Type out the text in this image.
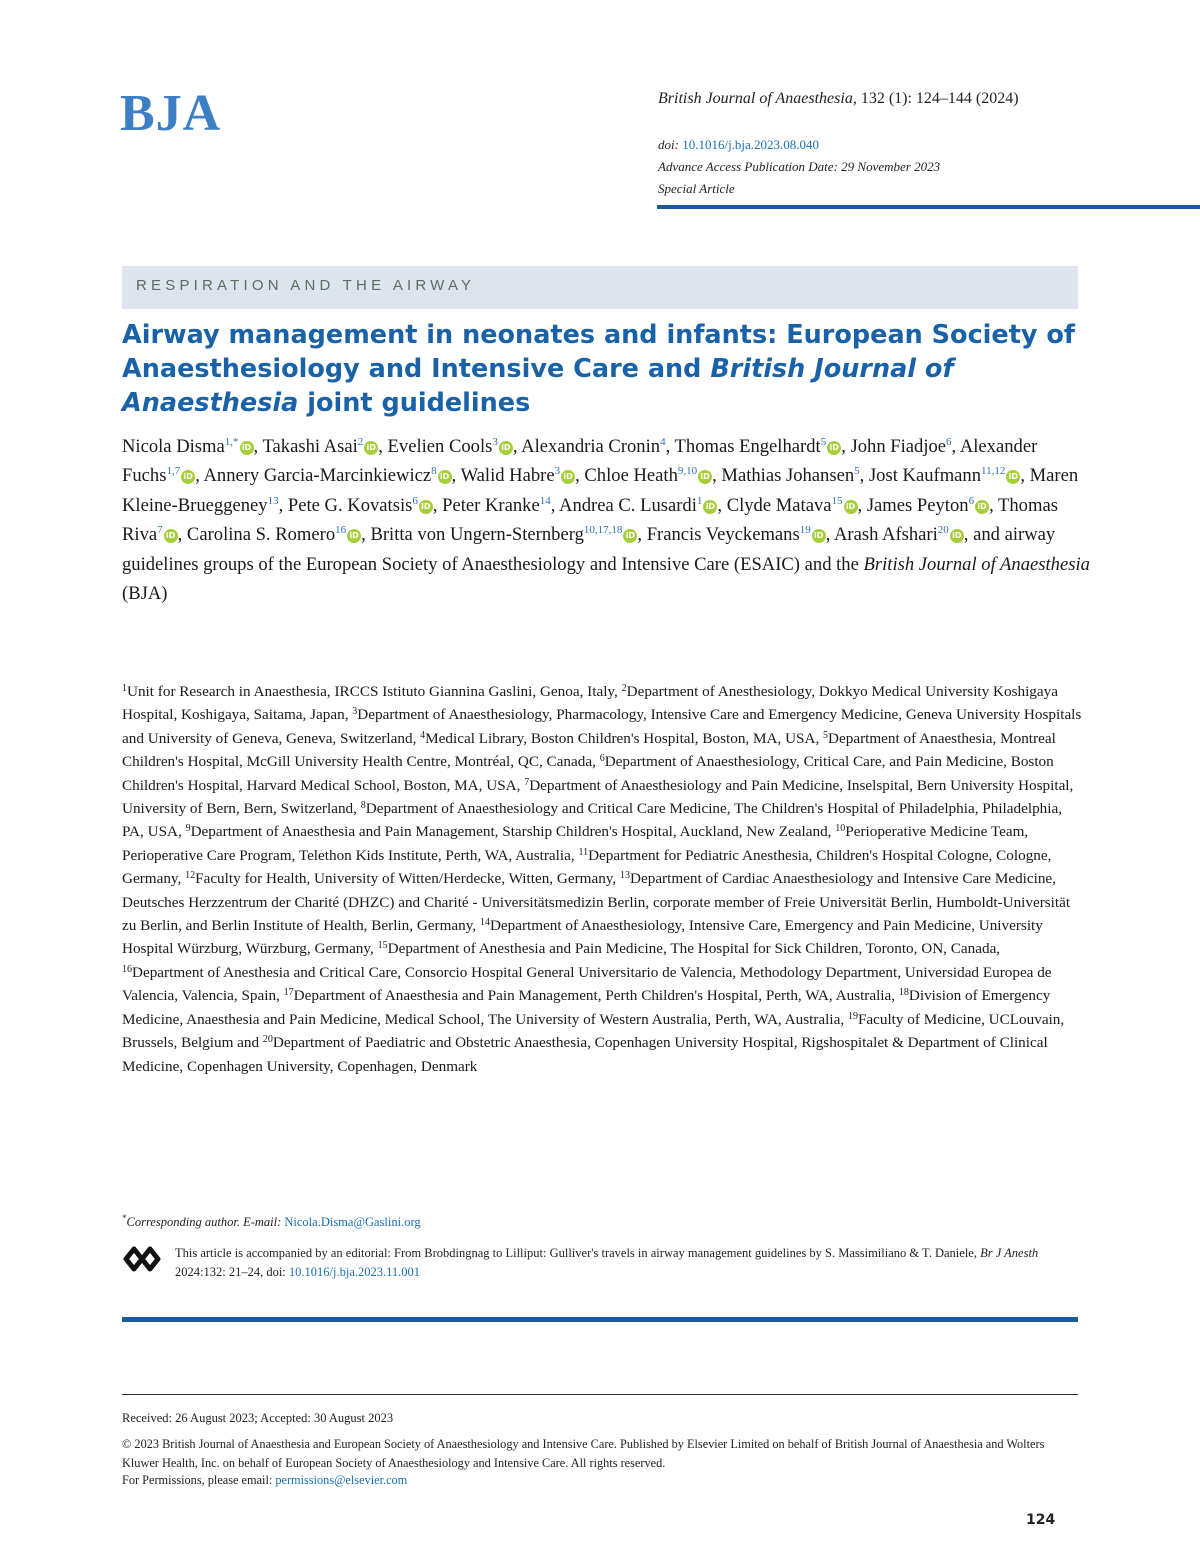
BJA	British Journal of Anaesthesia, 132 (1): 124–144 (2024)
doi: 10.1016/j.bja.2023.08.040
Advance Access Publication Date: 29 November 2023
Special Article
RESPIRATION AND THE AIRWAY
Airway management in neonates and infants: European Society of Anaesthesiology and Intensive Care and British Journal of Anaesthesia joint guidelines
Nicola Disma$^{1,*}$ iD , Takashi Asai$^2$ iD , Evelien Cools$^3$ iD , Alexandria Cronin$^4$, Thomas Engelhardt$^5$ iD , John Fiadjoe$^6$, Alexander Fuchs$^{1,7}$ iD , Annery Garcia-Marcinkiewicz$^8$ iD , Walid Habre$^3$ iD , Chloe Heath$^{9,10}$ iD , Mathias Johansen$^5$, Jost Kaufmann$^{11,12}$ iD , Maren Kleine-Brueggeney$^{13}$, Pete G. Kovatsis$^6$ iD , Peter Kranke$^{14}$, Andrea C. Lusardi$^1$ iD , Clyde Matava$^{15}$ iD , James Peyton$^6$ iD , Thomas Riva$^7$ iD , Carolina S. Romero$^{16}$ iD , Britta von Ungern-Sternberg$^{10,17,18}$ iD , Francis Veyckemans$^{19}$ iD , Arash Afshari$^{20}$ iD , and airway guidelines groups of the European Society of Anaesthesiology and Intensive Care (ESAIC) and the British Journal of Anaesthesia (BJA)
$^1$Unit for Research in Anaesthesia, IRCCS Istituto Giannina Gaslini, Genoa, Italy, $^2$Department of Anesthesiology, Dokkyo Medical University Koshigaya Hospital, Koshigaya, Saitama, Japan, $^3$Department of Anaesthesiology, Pharmacology, Intensive Care and Emergency Medicine, Geneva University Hospitals and University of Geneva, Geneva, Switzerland, $^4$Medical Library, Boston Children's Hospital, Boston, MA, USA, $^5$Department of Anaesthesia, Montreal Children's Hospital, McGill University Health Centre, Montréal, QC, Canada, $^6$Department of Anaesthesiology, Critical Care, and Pain Medicine, Boston Children's Hospital, Harvard Medical School, Boston, MA, USA, $^7$Department of Anaesthesiology and Pain Medicine, Inselspital, Bern University Hospital, University of Bern, Bern, Switzerland, $^8$Department of Anaesthesiology and Critical Care Medicine, The Children's Hospital of Philadelphia, Philadelphia, PA, USA, $^9$Department of Anaesthesia and Pain Management, Starship Children's Hospital, Auckland, New Zealand, $^{10}$Perioperative Medicine Team, Perioperative Care Program, Telethon Kids Institute, Perth, WA, Australia, $^{11}$Department for Pediatric Anesthesia, Children's Hospital Cologne, Cologne, Germany, $^{12}$Faculty for Health, University of Witten/Herdecke, Witten, Germany, $^{13}$Department of Cardiac Anaesthesiology and Intensive Care Medicine, Deutsches Herzzentrum der Charité (DHZC) and Charité - Universitätsmedizin Berlin, corporate member of Freie Universität Berlin, Humboldt-Universität zu Berlin, and Berlin Institute of Health, Berlin, Germany, $^{14}$Department of Anaesthesiology, Intensive Care, Emergency and Pain Medicine, University Hospital Würzburg, Würzburg, Germany, $^{15}$Department of Anesthesia and Pain Medicine, The Hospital for Sick Children, Toronto, ON, Canada, $^{16}$Department of Anesthesia and Critical Care, Consorcio Hospital General Universitario de Valencia, Methodology Department, Universidad Europea de Valencia, Valencia, Spain, $^{17}$Department of Anaesthesia and Pain Management, Perth Children's Hospital, Perth, WA, Australia, $^{18}$Division of Emergency Medicine, Anaesthesia and Pain Medicine, Medical School, The University of Western Australia, Perth, WA, Australia, $^{19}$Faculty of Medicine, UCLouvain, Brussels, Belgium and $^{20}$Department of Paediatric and Obstetric Anaesthesia, Copenhagen University Hospital, Rigshospitalet & Department of Clinical Medicine, Copenhagen University, Copenhagen, Denmark
*Corresponding author. E-mail: Nicola.Disma@Gaslini.org
This article is accompanied by an editorial: From Brobdingnag to Lilliput: Gulliver's travels in airway management guidelines by S. Massimiliano & T. Daniele, Br J Anesth 2024:132: 21–24, doi: 10.1016/j.bja.2023.11.001
Received: 26 August 2023; Accepted: 30 August 2023
© 2023 British Journal of Anaesthesia and European Society of Anaesthesiology and Intensive Care. Published by Elsevier Limited on behalf of British Journal of Anaesthesia and Wolters Kluwer Health, Inc. on behalf of European Society of Anaesthesiology and Intensive Care. All rights reserved.
For Permissions, please email: permissions@elsevier.com
124
